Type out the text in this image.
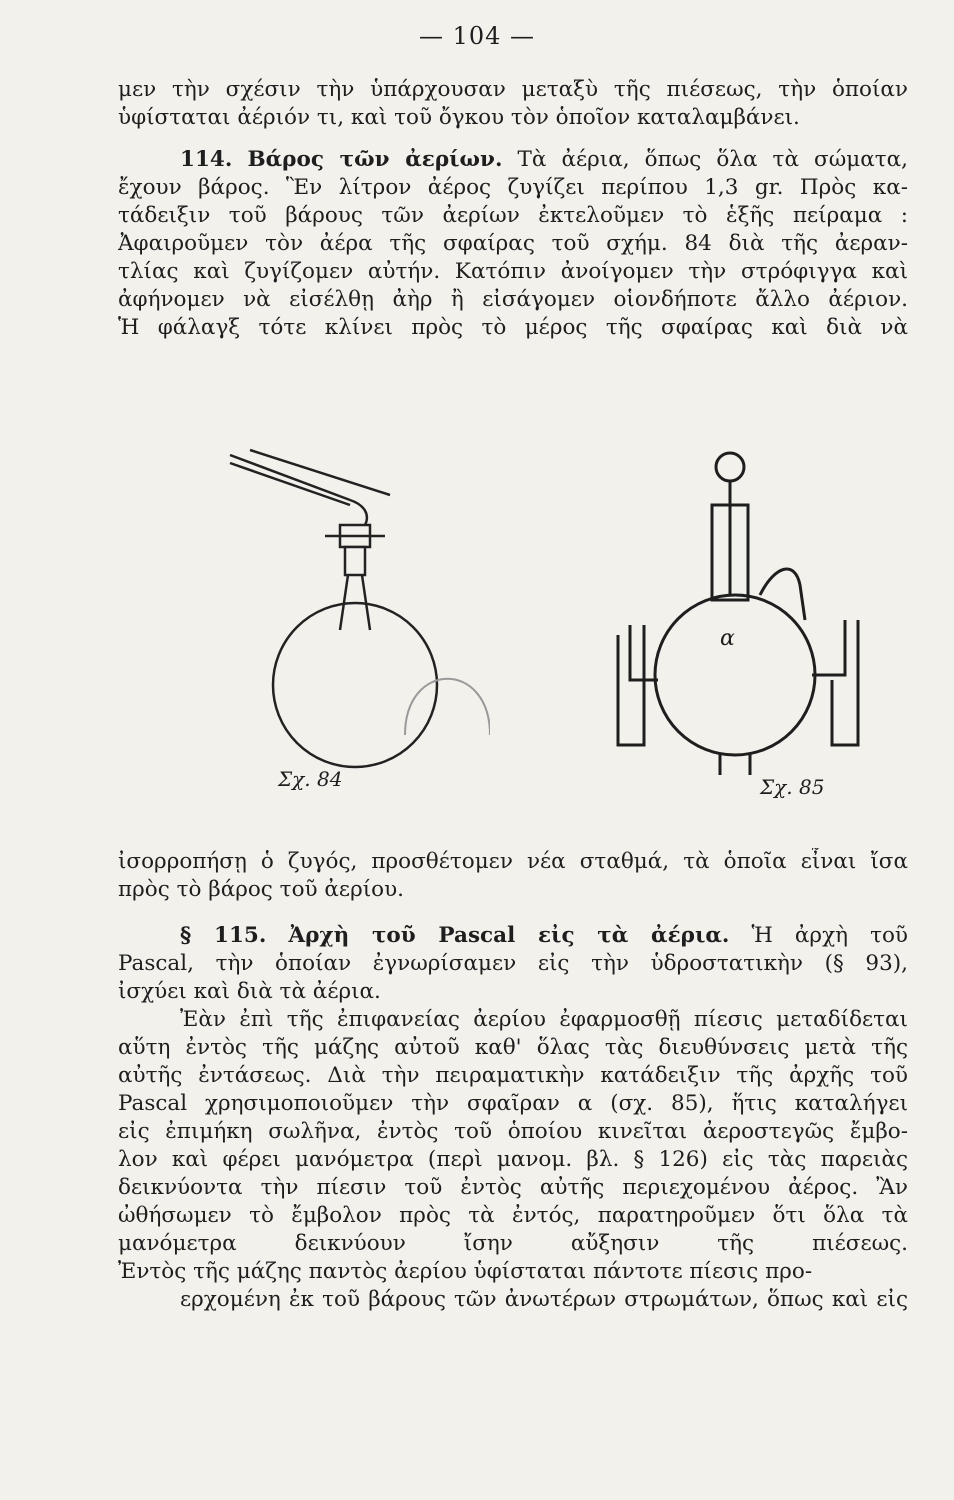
— 104 —
μεν τὴν σχέσιν τὴν ὑπάρχουσαν μεταξὺ τῆς πιέσεως, τὴν ὁποίαν
ὑφίσταται ἀέριόν τι, καὶ τοῦ ὄγκου τὸν ὁποῖον καταλαμβάνει.
114. Βάρος τῶν ἀερίων. Τὰ ἀέρια, ὅπως ὅλα τὰ σώματα,
ἔχουν βάρος. Ἓν λίτρον ἀέρος ζυγίζει περίπου 1,3 gr. Πρὸς κα-
τάδειξιν τοῦ βάρους τῶν ἀερίων ἐκτελοῦμεν τὸ ἑξῆς πείραμα :
Ἀφαιροῦμεν τὸν ἀέρα τῆς σφαίρας τοῦ σχήμ. 84 διὰ τῆς ἀεραν-
τλίας καὶ ζυγίζομεν αὐτήν. Κατόπιν ἀνοίγομεν τὴν στρόφιγγα καὶ
ἀφήνομεν νὰ εἰσέλθῃ ἀὴρ ἢ εἰσάγομεν οἱονδήποτε ἄλλο ἀέριον.
Ἡ φάλαγξ τότε κλίνει πρὸς τὸ μέρος τῆς σφαίρας καὶ διὰ νὰ
Σχ. 84
α
Σχ. 85
ἰσορροπήσῃ ὁ ζυγός, προσθέτομεν νέα σταθμά, τὰ ὁποῖα εἶναι ἴσα
πρὸς τὸ βάρος τοῦ ἀερίου.
§ 115. Ἀρχὴ τοῦ Pascal εἰς τὰ ἀέρια. Ἡ ἀρχὴ τοῦ
Pascal, τὴν ὁποίαν ἐγνωρίσαμεν εἰς τὴν ὑδροστατικὴν (§ 93),
ἰσχύει καὶ διὰ τὰ ἀέρια.
Ἐὰν ἐπὶ τῆς ἐπιφανείας ἀερίου ἐφαρμοσθῇ πίεσις μεταδίδεται
αὕτη ἐντὸς τῆς μάζης αὐτοῦ καθ' ὅλας τὰς διευθύνσεις μετὰ τῆς
αὐτῆς ἐντάσεως. Διὰ τὴν πειραματικὴν κατάδειξιν τῆς ἀρχῆς τοῦ
Pascal χρησιμοποιοῦμεν τὴν σφαῖραν α (σχ. 85), ἥτις καταλήγει
εἰς ἐπιμήκη σωλῆνα, ἐντὸς τοῦ ὁποίου κινεῖται ἀεροστεγῶς ἔμβο-
λον καὶ φέρει μανόμετρα (περὶ μανομ. βλ. § 126) εἰς τὰς παρειὰς
δεικνύοντα τὴν πίεσιν τοῦ ἐντὸς αὐτῆς περιεχομένου ἀέρος. Ἂν
ὠθήσωμεν τὸ ἔμβολον πρὸς τὰ ἐντός, παρατηροῦμεν ὅτι ὅλα τὰ
μανόμετρα δεικνύουν ἴσην αὔξησιν τῆς πιέσεως.
Ἐντὸς τῆς μάζης παντὸς ἀερίου ὑφίσταται πάντοτε πίεσις προ-
ερχομένη ἐκ τοῦ βάρους τῶν ἀνωτέρων στρωμάτων, ὅπως καὶ εἰς
